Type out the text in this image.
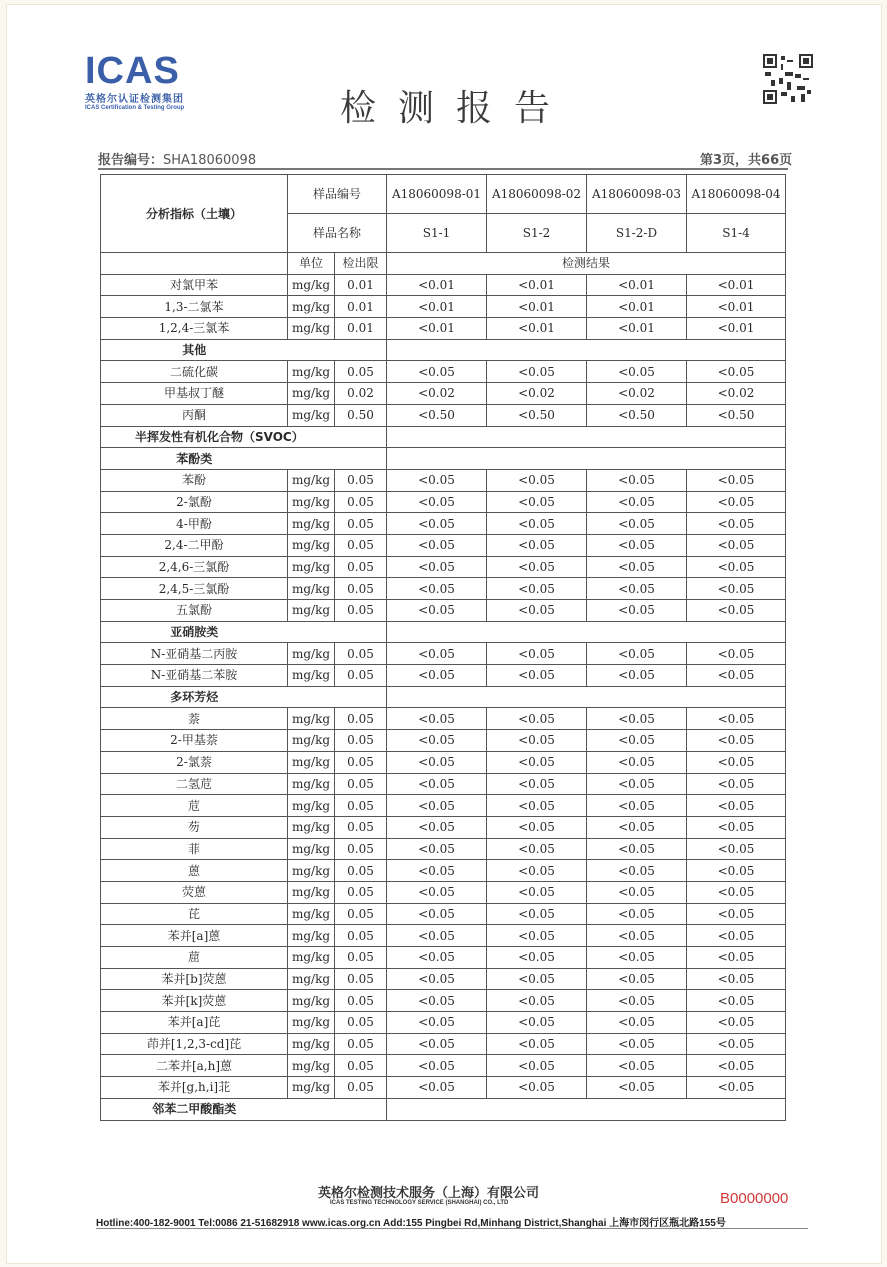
ICAS
英格尔认证检测集团
ICAS Certification & Testing Group	检测报告
报告编号：SHA18060098	第3页，共66页
分析指标（土壤）	样品编号		A18060098-01	A18060098-02	A18060098-03	A18060098-04
	样品名称		S1-1	S1-2	S1-2-D	S1-4
	单位	检出限	检测结果			
对氯甲苯	mg/kg	0.01	<0.01	<0.01	<0.01	<0.01
1,3-二氯苯	mg/kg	0.01	<0.01	<0.01	<0.01	<0.01
1,2,4-三氯苯	mg/kg	0.01	<0.01	<0.01	<0.01	<0.01
其他						
二硫化碳	mg/kg	0.05	<0.05	<0.05	<0.05	<0.05
甲基叔丁醚	mg/kg	0.02	<0.02	<0.02	<0.02	<0.02
丙酮	mg/kg	0.50	<0.50	<0.50	<0.50	<0.50
半挥发性有机化合物（SVOC）						
苯酚类						
苯酚	mg/kg	0.05	<0.05	<0.05	<0.05	<0.05
2-氯酚	mg/kg	0.05	<0.05	<0.05	<0.05	<0.05
4-甲酚	mg/kg	0.05	<0.05	<0.05	<0.05	<0.05
2,4-二甲酚	mg/kg	0.05	<0.05	<0.05	<0.05	<0.05
2,4,6-三氯酚	mg/kg	0.05	<0.05	<0.05	<0.05	<0.05
2,4,5-三氯酚	mg/kg	0.05	<0.05	<0.05	<0.05	<0.05
五氯酚	mg/kg	0.05	<0.05	<0.05	<0.05	<0.05
亚硝胺类						
N-亚硝基二丙胺	mg/kg	0.05	<0.05	<0.05	<0.05	<0.05
N-亚硝基二苯胺	mg/kg	0.05	<0.05	<0.05	<0.05	<0.05
多环芳烃						
萘	mg/kg	0.05	<0.05	<0.05	<0.05	<0.05
2-甲基萘	mg/kg	0.05	<0.05	<0.05	<0.05	<0.05
2-氯萘	mg/kg	0.05	<0.05	<0.05	<0.05	<0.05
二氢苊	mg/kg	0.05	<0.05	<0.05	<0.05	<0.05
苊	mg/kg	0.05	<0.05	<0.05	<0.05	<0.05
芴	mg/kg	0.05	<0.05	<0.05	<0.05	<0.05
菲	mg/kg	0.05	<0.05	<0.05	<0.05	<0.05
蒽	mg/kg	0.05	<0.05	<0.05	<0.05	<0.05
荧蒽	mg/kg	0.05	<0.05	<0.05	<0.05	<0.05
芘	mg/kg	0.05	<0.05	<0.05	<0.05	<0.05
苯并[a]蒽	mg/kg	0.05	<0.05	<0.05	<0.05	<0.05
䓛	mg/kg	0.05	<0.05	<0.05	<0.05	<0.05
苯并[b]荧蒽	mg/kg	0.05	<0.05	<0.05	<0.05	<0.05
苯并[k]荧蒽	mg/kg	0.05	<0.05	<0.05	<0.05	<0.05
苯并[a]芘	mg/kg	0.05	<0.05	<0.05	<0.05	<0.05
茚并[1,2,3-cd]芘	mg/kg	0.05	<0.05	<0.05	<0.05	<0.05
二苯并[a,h]蒽	mg/kg	0.05	<0.05	<0.05	<0.05	<0.05
苯并[g,h,i]苝	mg/kg	0.05	<0.05	<0.05	<0.05	<0.05
邻苯二甲酸酯类						
英格尔检测技术服务（上海）有限公司
ICAS TESTING TECHNOLOGY SERVICE (SHANGHAI) CO., LTD	B0000000
Hotline:400-182-9001 Tel:0086 21-51682918 www.icas.org.cn Add:155 Pingbei Rd,Minhang District,Shanghai 上海市闵行区瓶北路155号
